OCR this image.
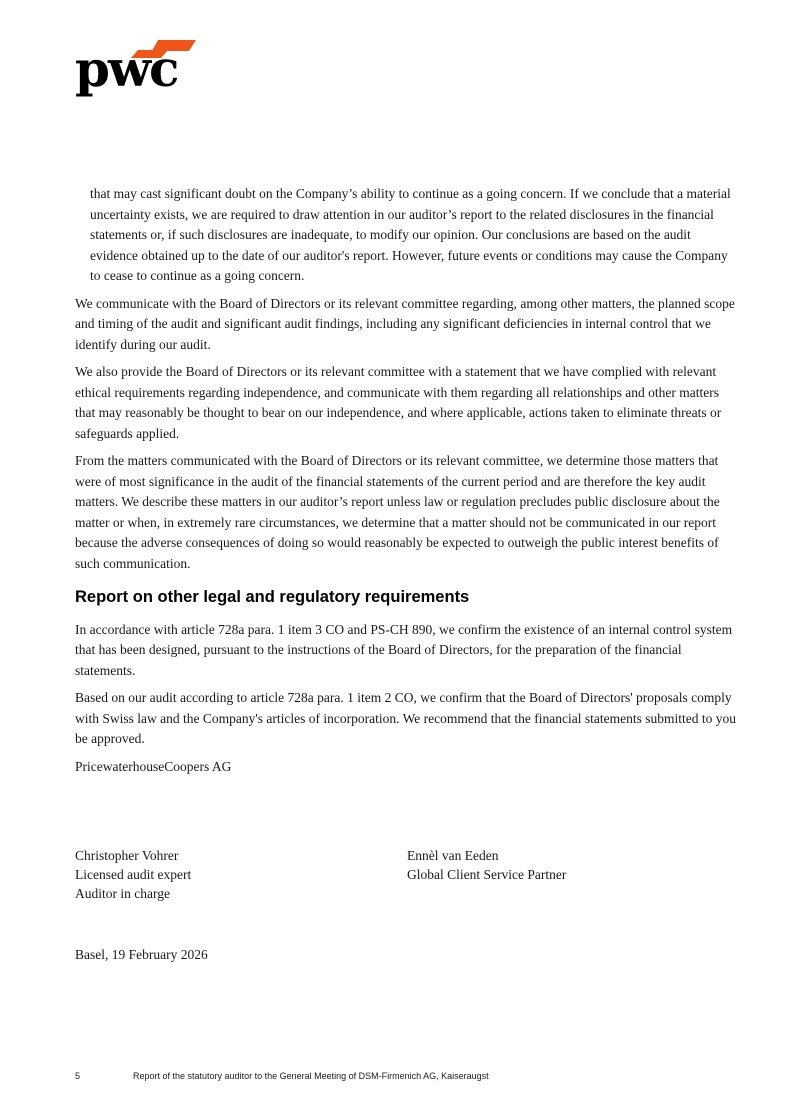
pwc

that may cast significant doubt on the Company’s ability to continue as a going concern. If we conclude that a material uncertainty exists, we are required to draw attention in our auditor’s report to the related disclosures in the financial statements or, if such disclosures are inadequate, to modify our opinion. Our conclusions are based on the audit evidence obtained up to the date of our auditor's report. However, future events or conditions may cause the Company to cease to continue as a going concern.

We communicate with the Board of Directors or its relevant committee regarding, among other matters, the planned scope and timing of the audit and significant audit findings, including any significant deficiencies in internal control that we identify during our audit.

We also provide the Board of Directors or its relevant committee with a statement that we have complied with relevant ethical requirements regarding independence, and communicate with them regarding all relationships and other matters that may reasonably be thought to bear on our independence, and where applicable, actions taken to eliminate threats or safeguards applied.

From the matters communicated with the Board of Directors or its relevant committee, we determine those matters that were of most significance in the audit of the financial statements of the current period and are therefore the key audit matters. We describe these matters in our auditor’s report unless law or regulation precludes public disclosure about the matter or when, in extremely rare circumstances, we determine that a matter should not be communicated in our report because the adverse consequences of doing so would reasonably be expected to outweigh the public interest benefits of such communication.

Report on other legal and regulatory requirements

In accordance with article 728a para. 1 item 3 CO and PS-CH 890, we confirm the existence of an internal control system that has been designed, pursuant to the instructions of the Board of Directors, for the preparation of the financial statements.

Based on our audit according to article 728a para. 1 item 2 CO, we confirm that the Board of Directors' proposals comply with Swiss law and the Company's articles of incorporation. We recommend that the financial statements submitted to you be approved.

PricewaterhouseCoopers AG

Christopher Vohrer
Licensed audit expert
Auditor in charge
Ennèl van Eeden
Global Client Service Partner

Basel, 19 February 2026

5	Report of the statutory auditor to the General Meeting of DSM-Firmenich AG, Kaiseraugst
